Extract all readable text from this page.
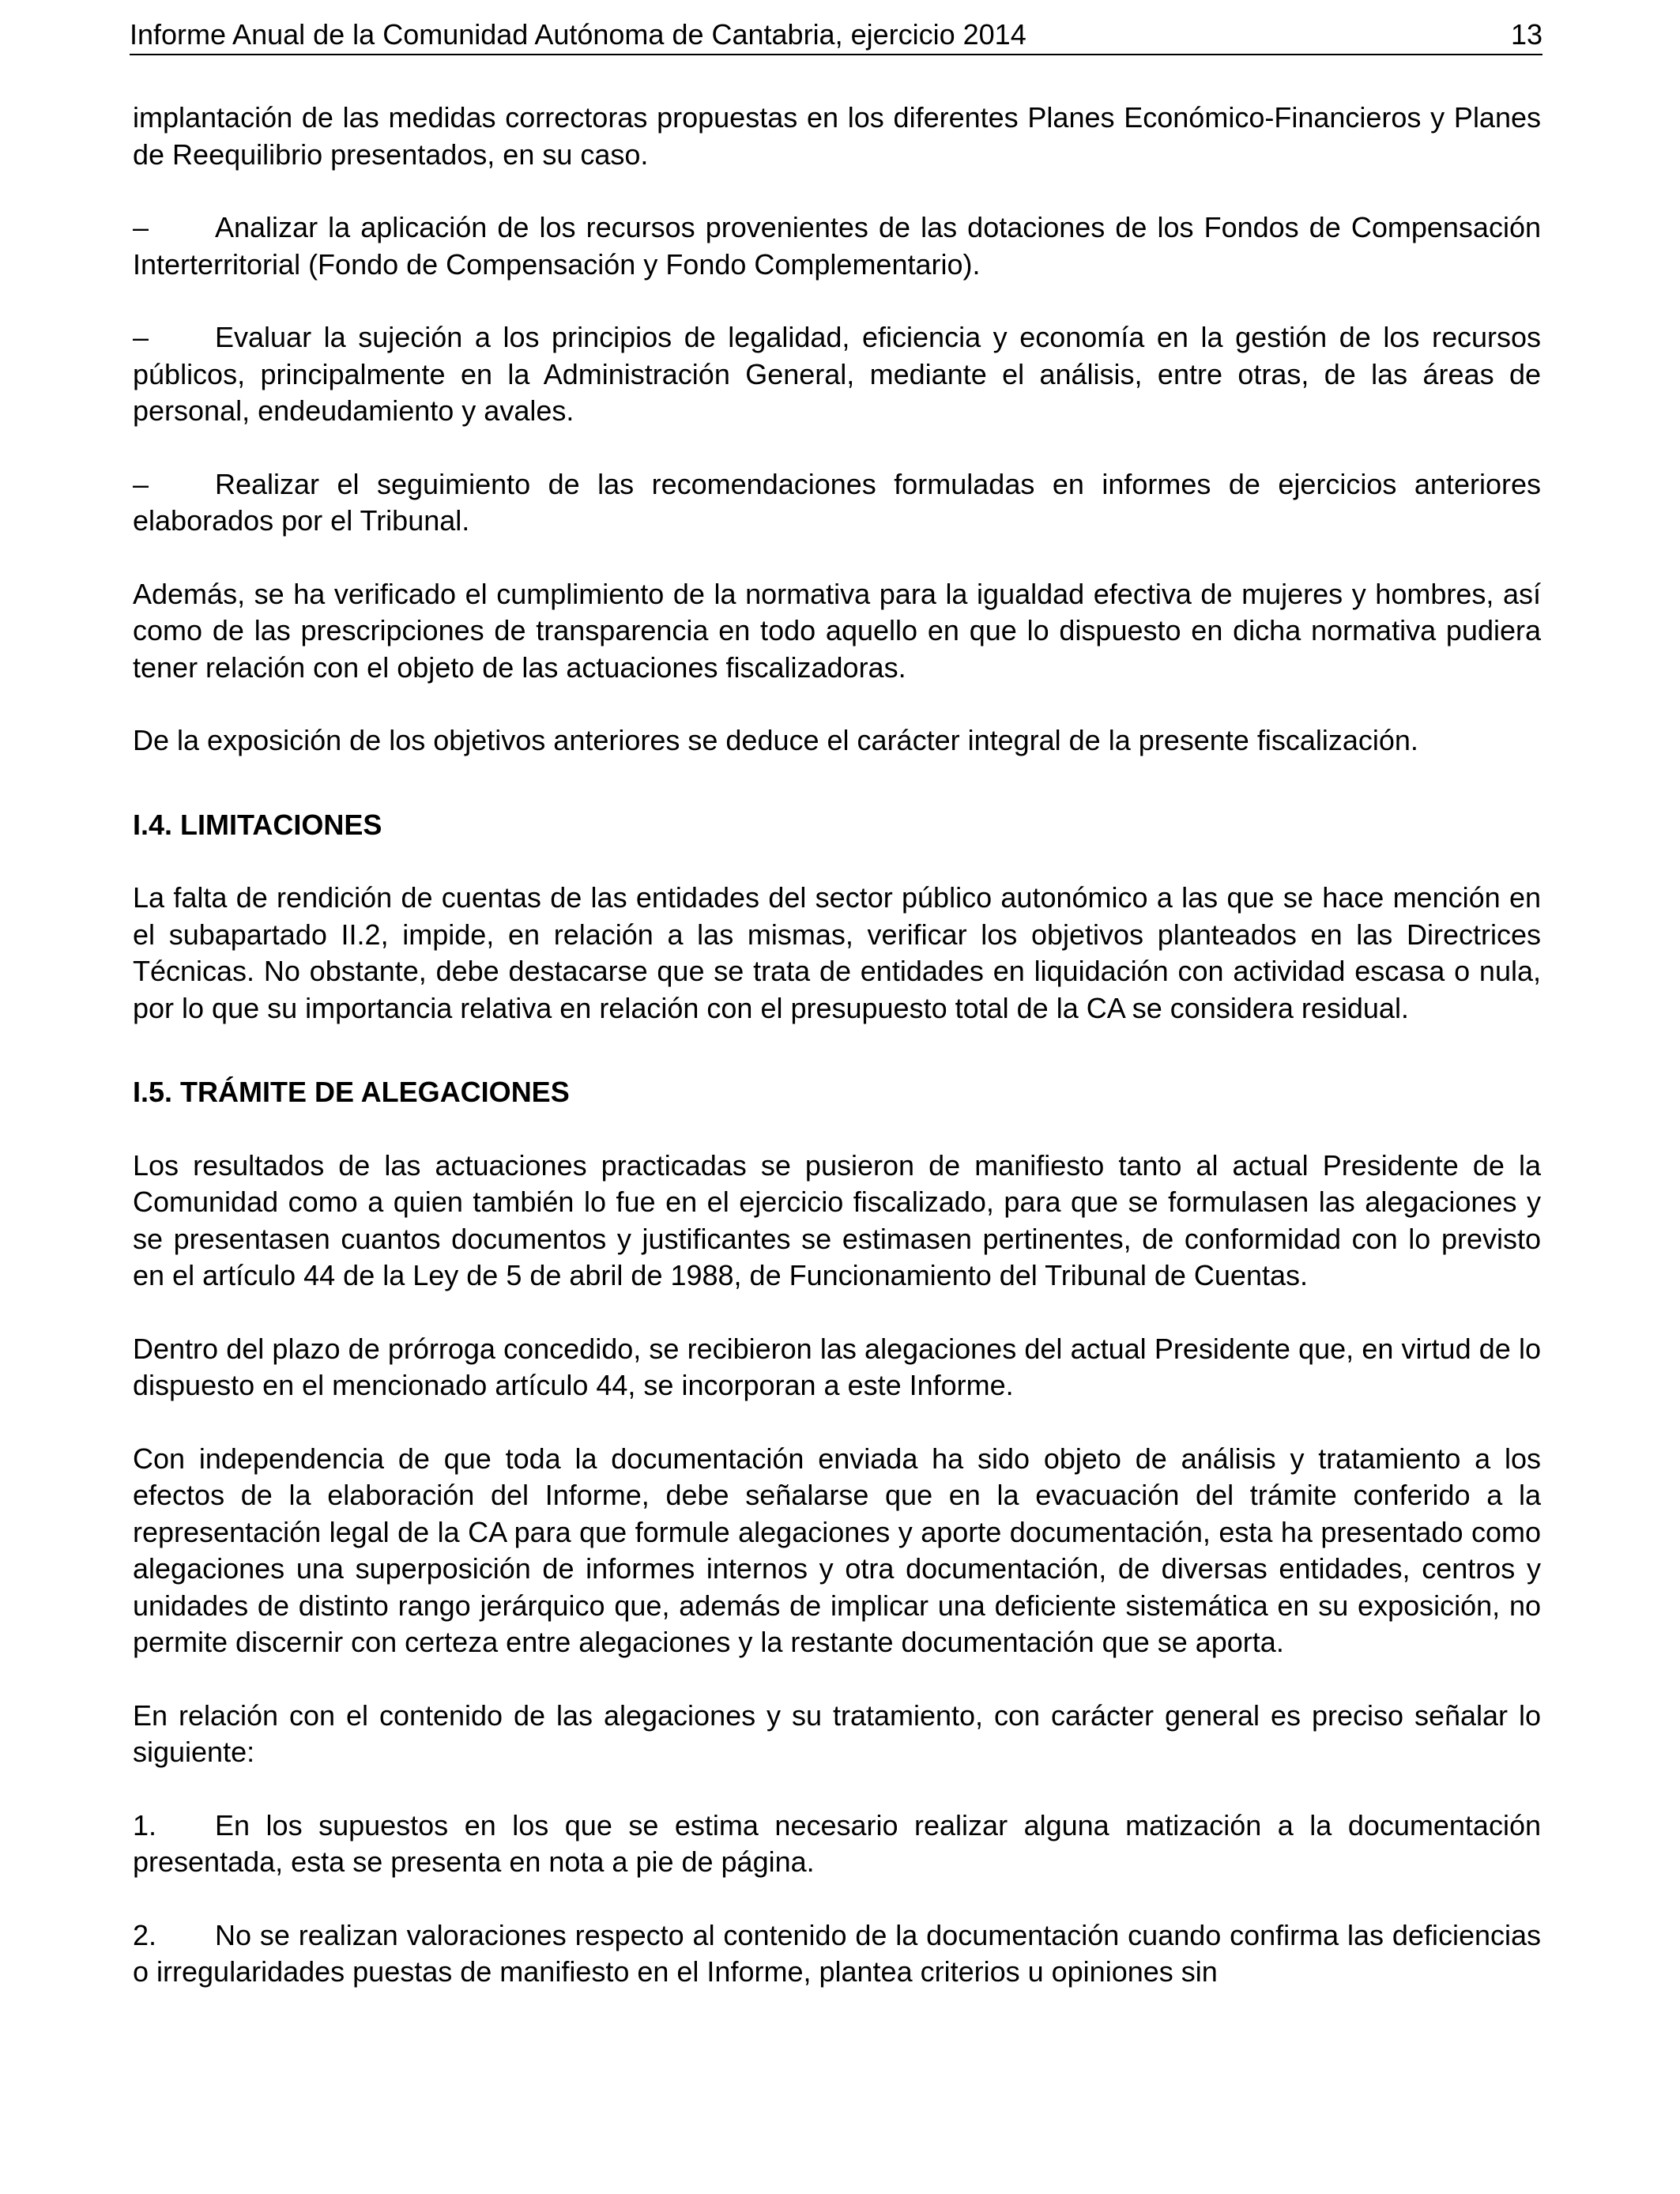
Informe Anual de la Comunidad Autónoma de Cantabria, ejercicio 2014	13

implantación de las medidas correctoras propuestas en los diferentes Planes Económico-Financieros y Planes de Reequilibrio presentados, en su caso.

– Analizar la aplicación de los recursos provenientes de las dotaciones de los Fondos de Compensación Interterritorial (Fondo de Compensación y Fondo Complementario).

– Evaluar la sujeción a los principios de legalidad, eficiencia y economía en la gestión de los recursos públicos, principalmente en la Administración General, mediante el análisis, entre otras, de las áreas de personal, endeudamiento y avales.

– Realizar el seguimiento de las recomendaciones formuladas en informes de ejercicios anteriores elaborados por el Tribunal.

Además, se ha verificado el cumplimiento de la normativa para la igualdad efectiva de mujeres y hombres, así como de las prescripciones de transparencia en todo aquello en que lo dispuesto en dicha normativa pudiera tener relación con el objeto de las actuaciones fiscalizadoras.

De la exposición de los objetivos anteriores se deduce el carácter integral de la presente fiscalización.

I.4. LIMITACIONES

La falta de rendición de cuentas de las entidades del sector público autonómico a las que se hace mención en el subapartado II.2, impide, en relación a las mismas, verificar los objetivos planteados en las Directrices Técnicas. No obstante, debe destacarse que se trata de entidades en liquidación con actividad escasa o nula, por lo que su importancia relativa en relación con el presupuesto total de la CA se considera residual.

I.5. TRÁMITE DE ALEGACIONES

Los resultados de las actuaciones practicadas se pusieron de manifiesto tanto al actual Presidente de la Comunidad como a quien también lo fue en el ejercicio fiscalizado, para que se formulasen las alegaciones y se presentasen cuantos documentos y justificantes se estimasen pertinentes, de conformidad con lo previsto en el artículo 44 de la Ley de 5 de abril de 1988, de Funcionamiento del Tribunal de Cuentas.

Dentro del plazo de prórroga concedido, se recibieron las alegaciones del actual Presidente que, en virtud de lo dispuesto en el mencionado artículo 44, se incorporan a este Informe.

Con independencia de que toda la documentación enviada ha sido objeto de análisis y tratamiento a los efectos de la elaboración del Informe, debe señalarse que en la evacuación del trámite conferido a la representación legal de la CA para que formule alegaciones y aporte documentación, esta ha presentado como alegaciones una superposición de informes internos y otra documentación, de diversas entidades, centros y unidades de distinto rango jerárquico que, además de implicar una deficiente sistemática en su exposición, no permite discernir con certeza entre alegaciones y la restante documentación que se aporta.

En relación con el contenido de las alegaciones y su tratamiento, con carácter general es preciso señalar lo siguiente:

1. En los supuestos en los que se estima necesario realizar alguna matización a la documentación presentada, esta se presenta en nota a pie de página.

2. No se realizan valoraciones respecto al contenido de la documentación cuando confirma las deficiencias o irregularidades puestas de manifiesto en el Informe, plantea criterios u opiniones sin
